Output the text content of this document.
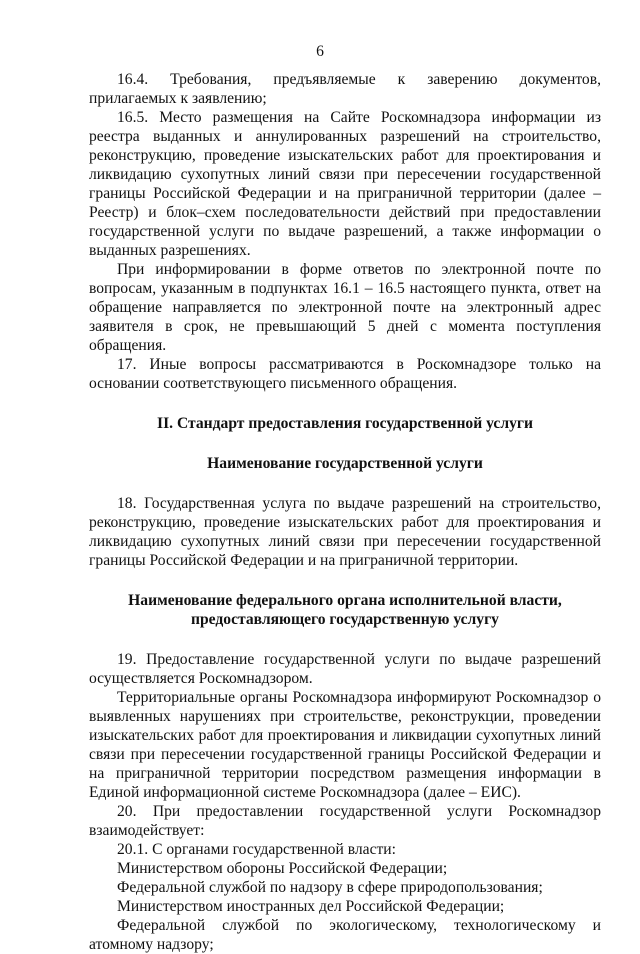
6

16.4. Требования, предъявляемые к заверению документов, прилагаемых к заявлению;

16.5. Место размещения на Сайте Роскомнадзора информации из реестра выданных и аннулированных разрешений на строительство, реконструкцию, проведение изыскательских работ для проектирования и ликвидацию сухопутных линий связи при пересечении государственной границы Российской Федерации и на приграничной территории (далее – Реестр) и блок–схем последовательности действий при предоставлении государственной услуги по выдаче разрешений, а также информации о выданных разрешениях.

При информировании в форме ответов по электронной почте по вопросам, указанным в подпунктах 16.1 – 16.5 настоящего пункта, ответ на обращение направляется по электронной почте на электронный адрес заявителя в срок, не превышающий 5 дней с момента поступления обращения.

17. Иные вопросы рассматриваются в Роскомнадзоре только на основании соответствующего письменного обращения.

II. Стандарт предоставления государственной услуги
Наименование государственной услуги

18. Государственная услуга по выдаче разрешений на строительство, реконструкцию, проведение изыскательских работ для проектирования и ликвидацию сухопутных линий связи при пересечении государственной границы Российской Федерации и на приграничной территории.

Наименование федерального органа исполнительной власти,
предоставляющего государственную услугу

19. Предоставление государственной услуги по выдаче разрешений осуществляется Роскомнадзором.

Территориальные органы Роскомнадзора информируют Роскомнадзор о выявленных нарушениях при строительстве, реконструкции, проведении изыскательских работ для проектирования и ликвидации сухопутных линий связи при пересечении государственной границы Российской Федерации и на приграничной территории посредством размещения информации в Единой информационной системе Роскомнадзора (далее – ЕИС).

20. При предоставлении государственной услуги Роскомнадзор взаимодействует:

20.1. С органами государственной власти:

Министерством обороны Российской Федерации;

Федеральной службой по надзору в сфере природопользования;

Министерством иностранных дел Российской Федерации;

Федеральной службой по экологическому, технологическому и атомному надзору;
